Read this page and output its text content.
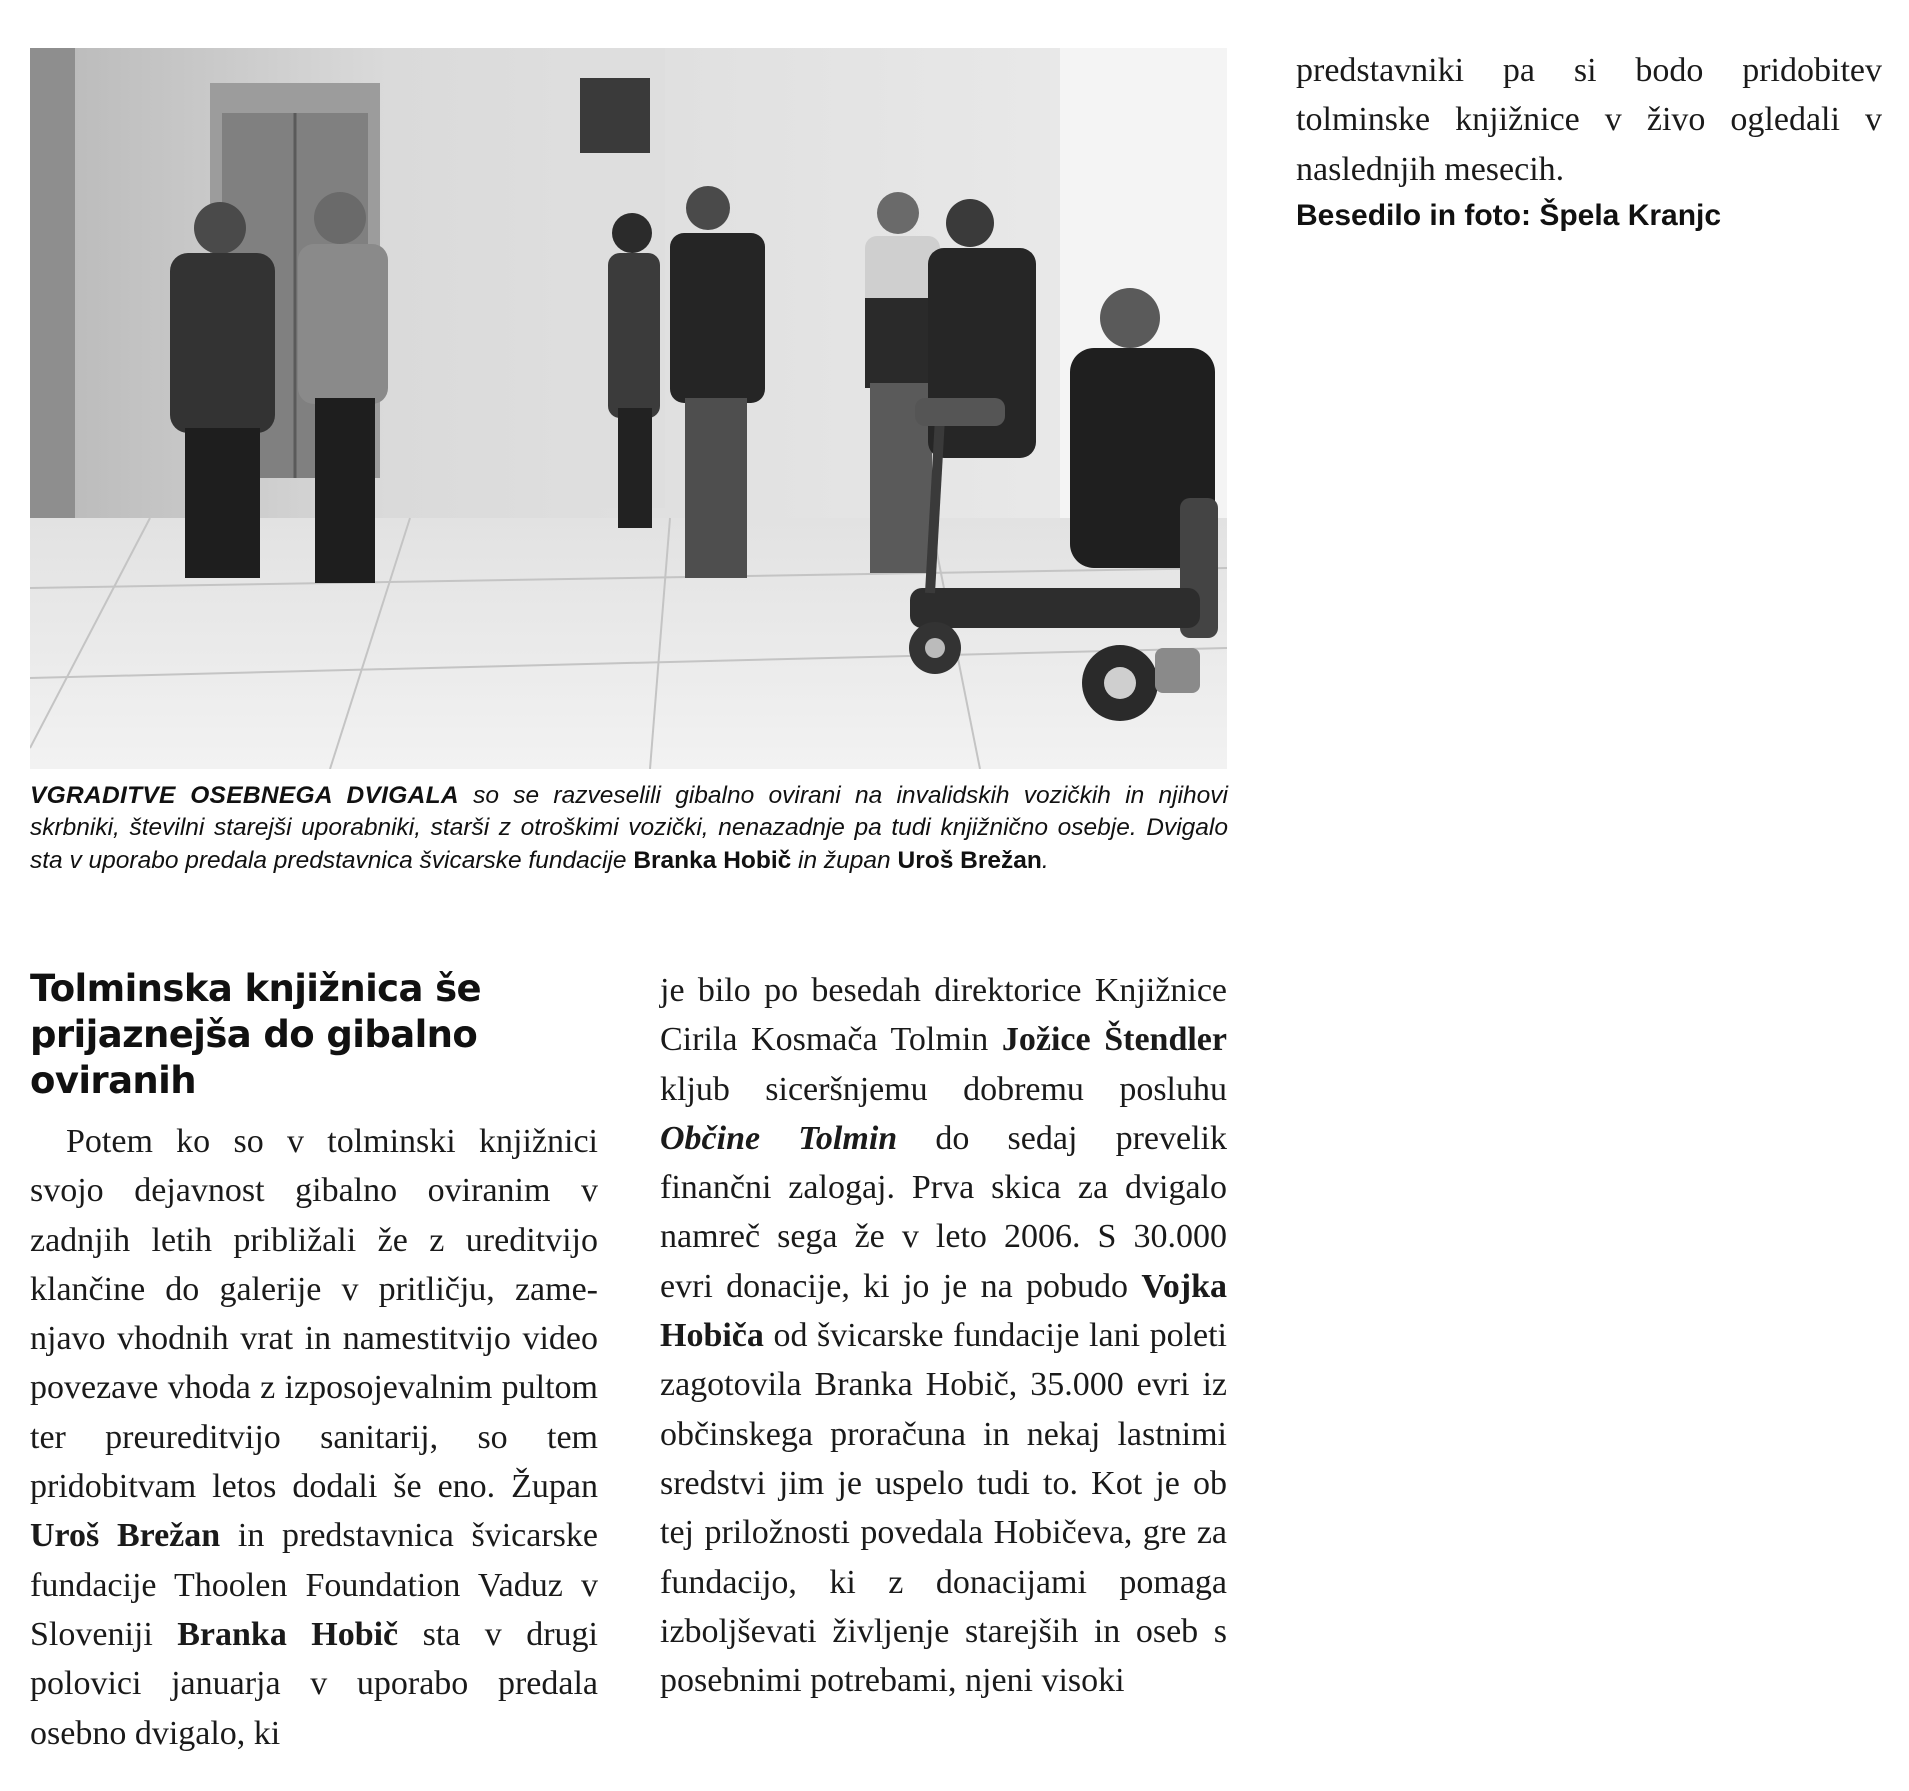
VGRADITVE OSEBNEGA DVIGALA so se razveselili gibalno ovirani na invalidskih vozičkih in njihovi skrbniki, številni starejši uporabniki, starši z otroškimi vozički, nenazadnje pa tudi knjižnično osebje. Dvigalo sta v uporabo predala predstavnica švicarske fundacije Branka Hobič in župan Uroš Brežan.

Tolminska knjižnica še prijaznejša do gibalno oviranih

Potem ko so v tolminski knjižnici svojo dejavnost gibalno oviranim v zadnjih letih približali že z ureditvijo klančine do galerije v pritličju, zamenjavo vhodnih vrat in namestitvijo video povezave vhoda z izposojevalnim pultom ter preureditvijo sanitarij, so tem pridobitvam letos dodali še eno. Župan Uroš Brežan in predstavnica švicarske fundacije Thoolen Foundation Vaduz v Sloveniji Branka Hobič sta v drugi polovici januarja v uporabo predala osebno dvigalo, ki

je bilo po besedah direktorice Knjižnice Cirila Kosmača Tolmin Jožice Štendler kljub siceršnjemu dobremu posluhu Občine Tolmin do sedaj prevelik finančni zalogaj. Prva skica za dvigalo namreč sega že v leto 2006. S 30.000 evri donacije, ki jo je na pobudo Vojka Hobiča od švicarske fundacije lani poleti zagotovila Branka Hobič, 35.000 evri iz občinskega proračuna in nekaj lastnimi sredstvi jim je uspelo tudi to. Kot je ob tej priložnosti povedala Hobičeva, gre za fundacijo, ki z donacijami pomaga izboljševati življenje starejših in oseb s posebnimi potrebami, njeni visoki

predstavniki pa si bodo pridobitev tolminske knjižnice v živo ogledali v naslednjih mesecih.

Besedilo in foto: Špela Kranjc
